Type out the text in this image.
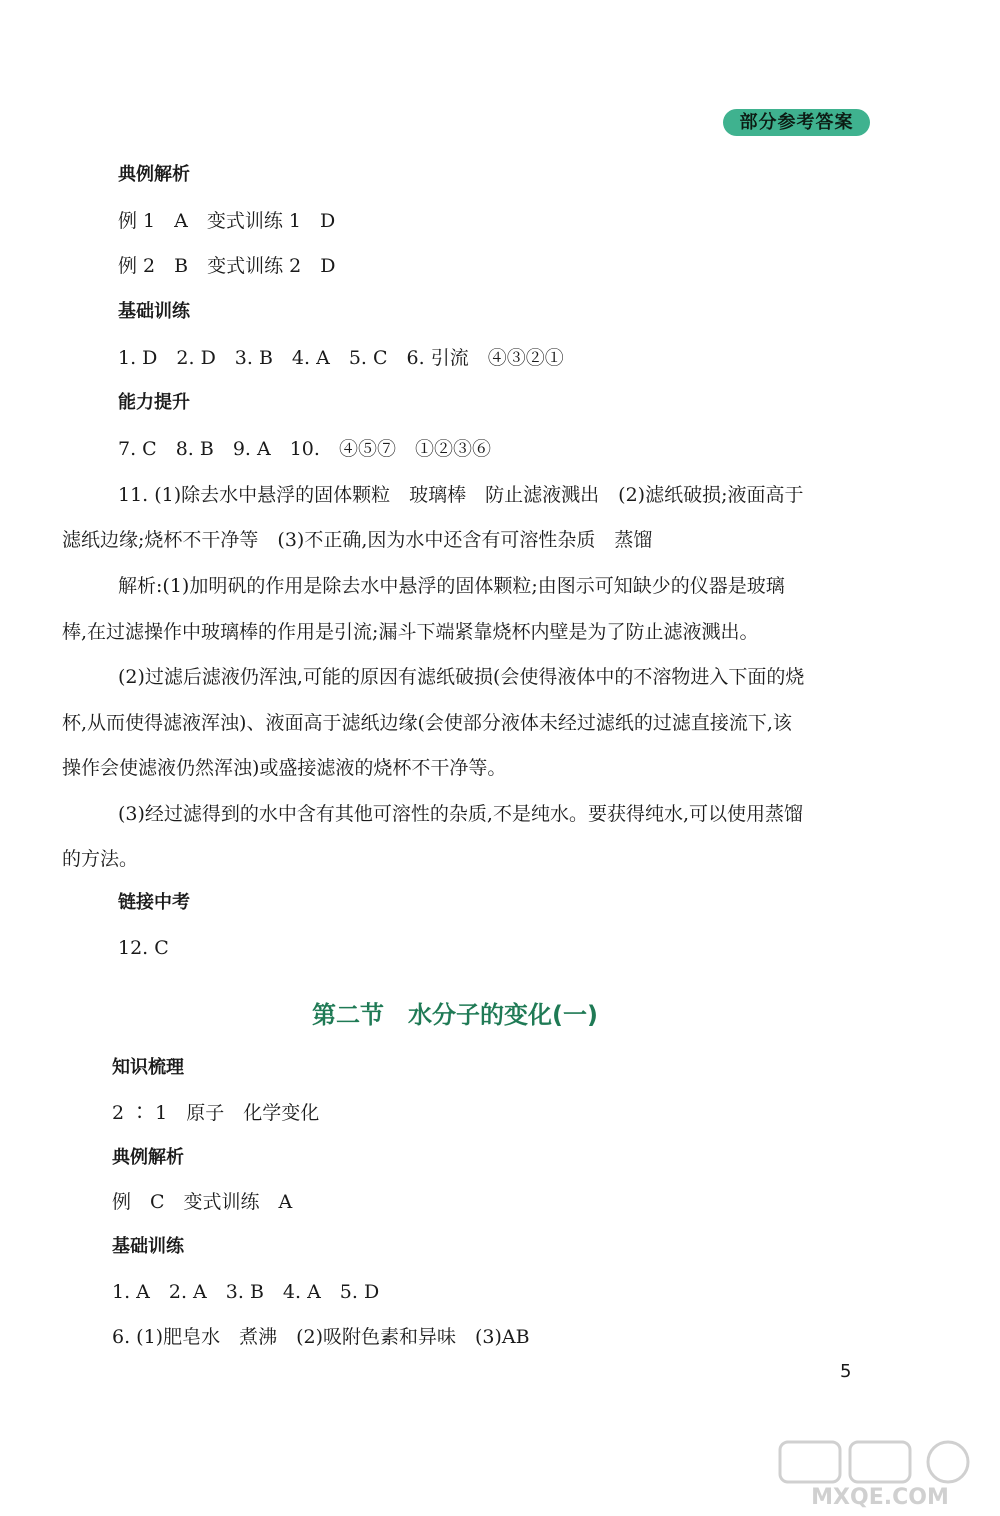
部分参考答案
典例解析
例 1　A　变式训练 1　D
例 2　B　变式训练 2　D
基础训练
1. D　2. D　3. B　4. A　5. C　6. 引流　④③②①
能力提升
7. C　8. B　9. A　10.　④⑤⑦　①②③⑥
11. (1)除去水中悬浮的固体颗粒　玻璃棒　防止滤液溅出　(2)滤纸破损;液面高于
滤纸边缘;烧杯不干净等　(3)不正确,因为水中还含有可溶性杂质　蒸馏
解析:(1)加明矾的作用是除去水中悬浮的固体颗粒;由图示可知缺少的仪器是玻璃
棒,在过滤操作中玻璃棒的作用是引流;漏斗下端紧靠烧杯内壁是为了防止滤液溅出。
(2)过滤后滤液仍浑浊,可能的原因有滤纸破损(会使得液体中的不溶物进入下面的烧
杯,从而使得滤液浑浊)、液面高于滤纸边缘(会使部分液体未经过滤纸的过滤直接流下,该
操作会使滤液仍然浑浊)或盛接滤液的烧杯不干净等。
(3)经过滤得到的水中含有其他可溶性的杂质,不是纯水。要获得纯水,可以使用蒸馏
的方法。
链接中考
12. C
第二节　水分子的变化(一)
知识梳理
2 ∶ 1　原子　化学变化
典例解析
例　C　变式训练　A
基础训练
1. A　2. A　3. B　4. A　5. D
6. (1)肥皂水　煮沸　(2)吸附色素和异味　(3)AB
5
MXQE.COM
